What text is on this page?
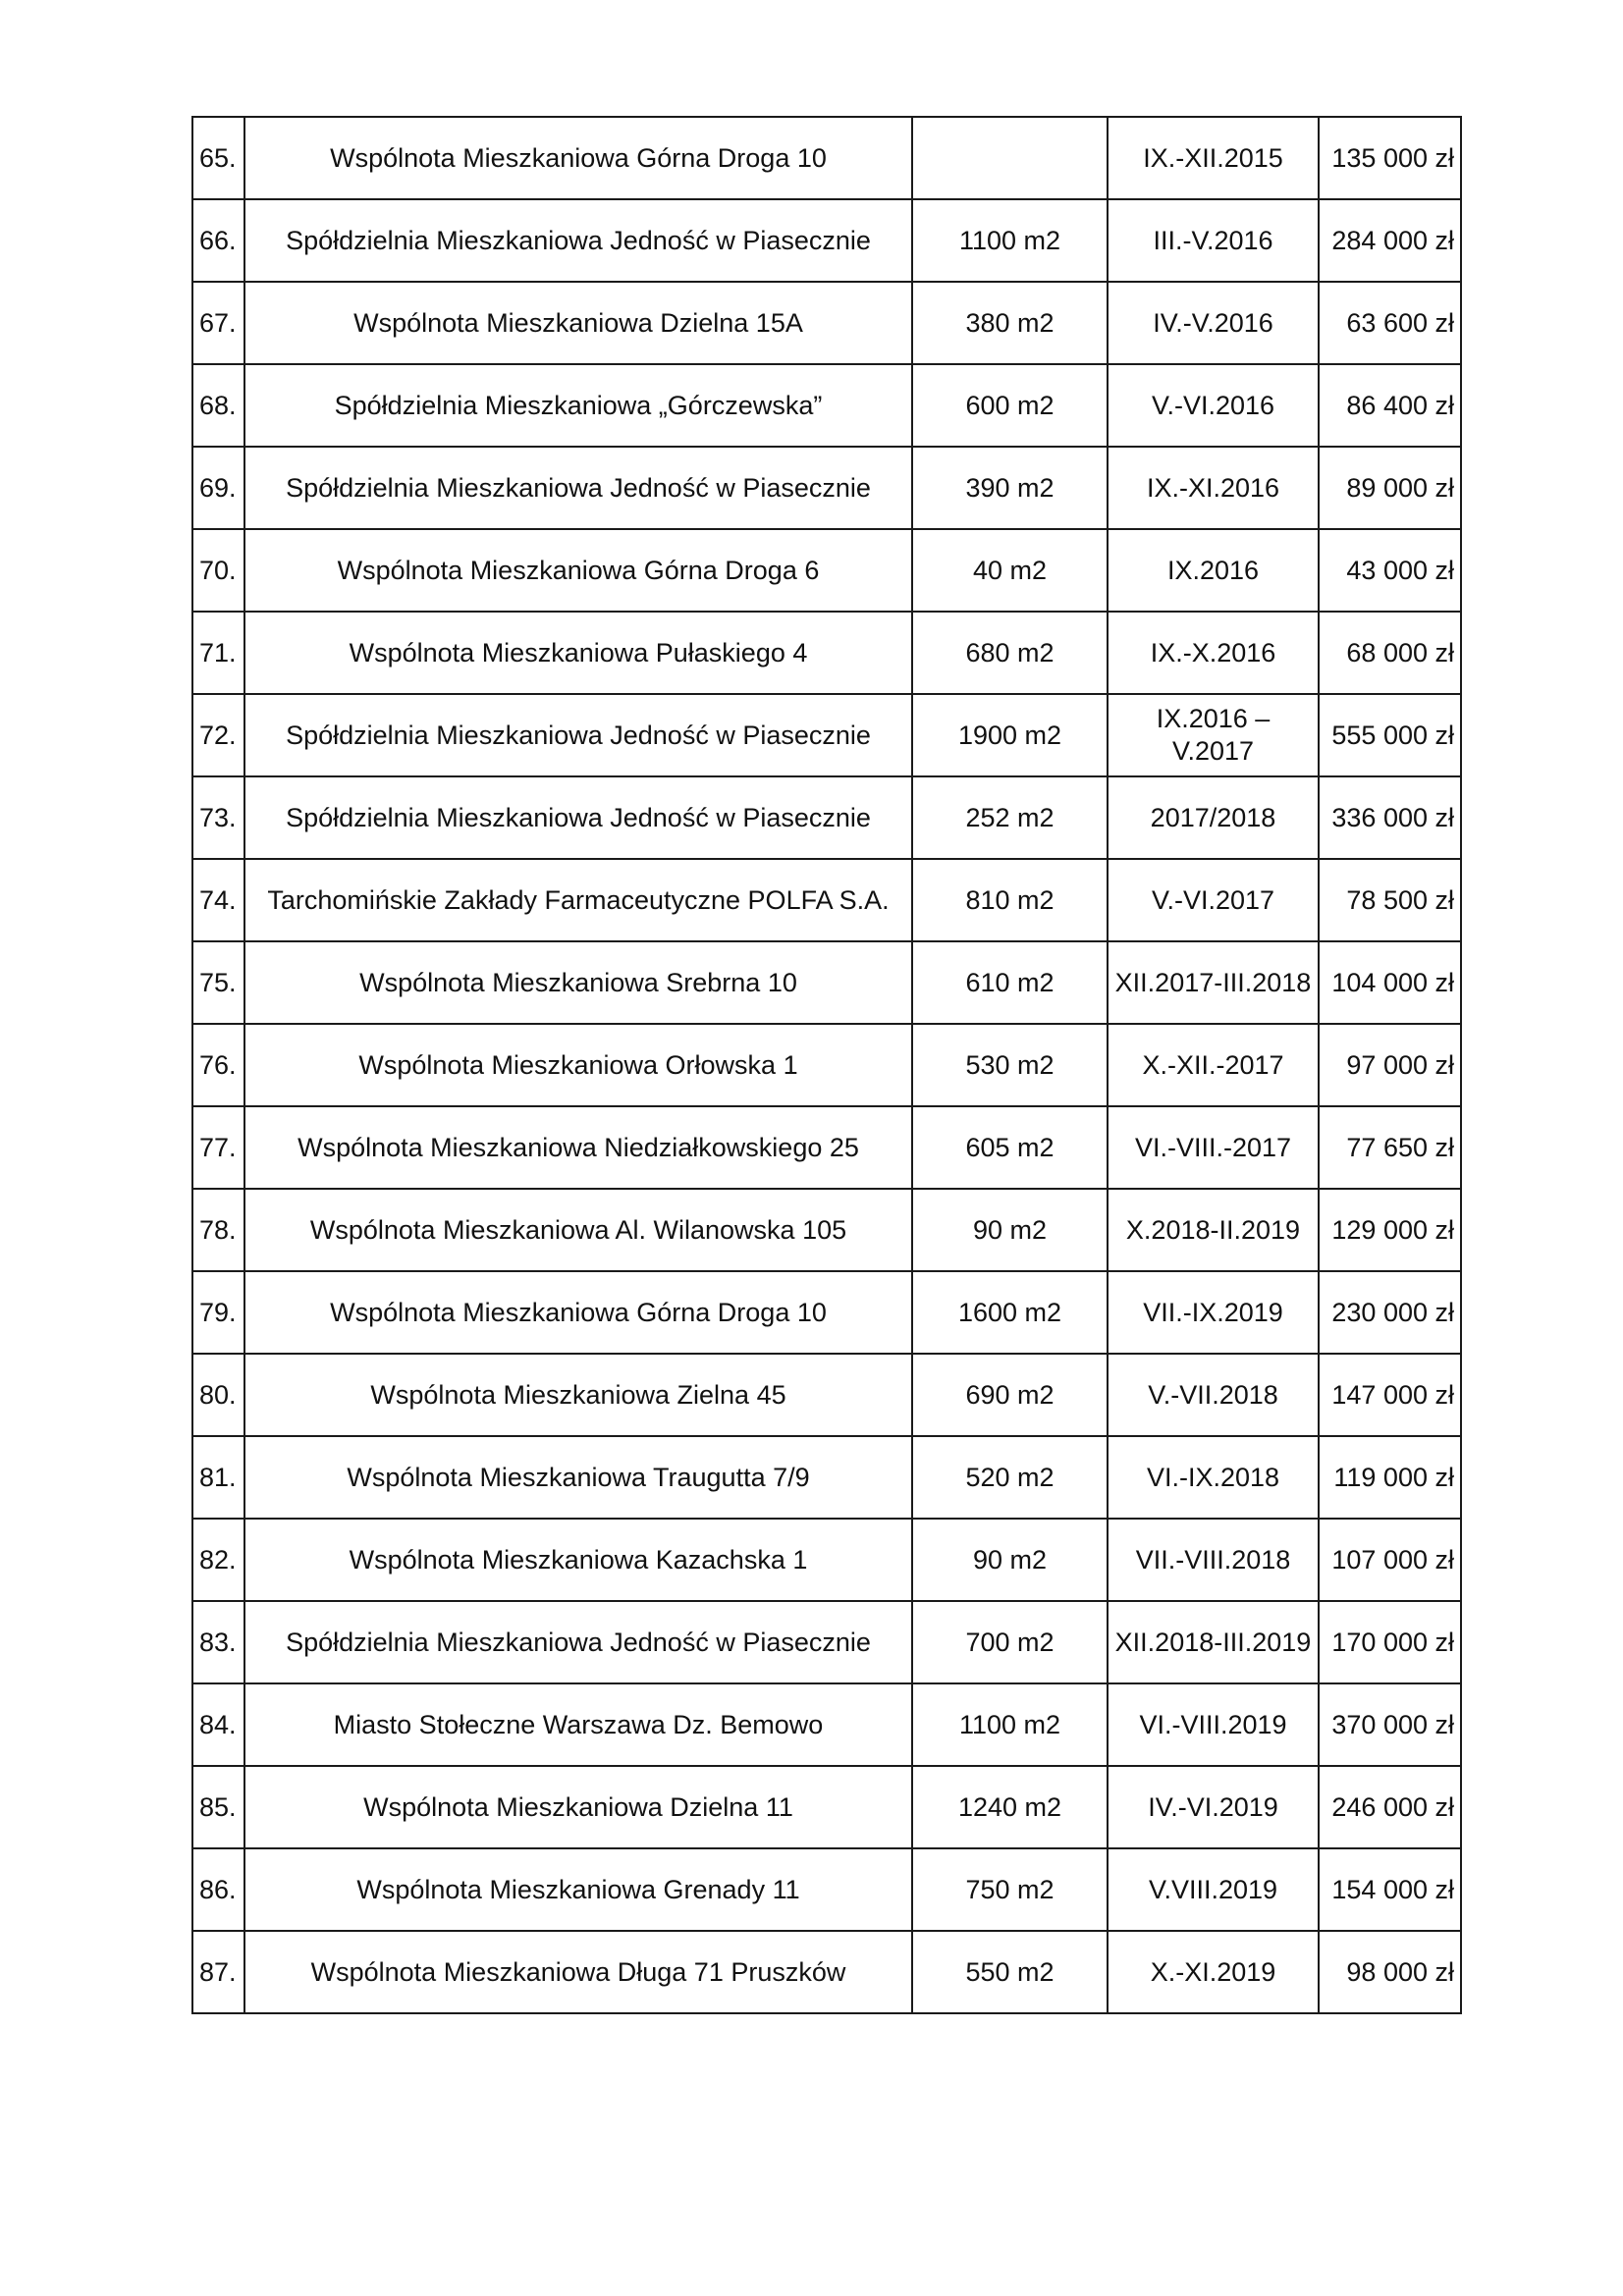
65.	Wspólnota Mieszkaniowa Górna Droga 10		IX.-XII.2015	135 000 zł
66.	Spółdzielnia Mieszkaniowa Jedność w Piasecznie	1100 m2	III.-V.2016	284 000 zł
67.	Wspólnota Mieszkaniowa Dzielna 15A	380 m2	IV.-V.2016	63 600 zł
68.	Spółdzielnia Mieszkaniowa „Górczewska”	600 m2	V.-VI.2016	86 400 zł
69.	Spółdzielnia Mieszkaniowa Jedność w Piasecznie	390 m2	IX.-XI.2016	89 000 zł
70.	Wspólnota Mieszkaniowa Górna Droga 6	40 m2	IX.2016	43 000 zł
71.	Wspólnota Mieszkaniowa Pułaskiego 4	680 m2	IX.-X.2016	68 000 zł
72.	Spółdzielnia Mieszkaniowa Jedność w Piasecznie	1900 m2	IX.2016 – V.2017	555 000 zł
73.	Spółdzielnia Mieszkaniowa Jedność w Piasecznie	252 m2	2017/2018	336 000 zł
74.	Tarchomińskie Zakłady Farmaceutyczne POLFA S.A.	810 m2	V.-VI.2017	78 500 zł
75.	Wspólnota Mieszkaniowa Srebrna 10	610 m2	XII.2017-III.2018	104 000 zł
76.	Wspólnota Mieszkaniowa Orłowska 1	530 m2	X.-XII.-2017	97 000 zł
77.	Wspólnota Mieszkaniowa Niedziałkowskiego 25	605 m2	VI.-VIII.-2017	77 650 zł
78.	Wspólnota Mieszkaniowa Al. Wilanowska 105	90 m2	X.2018-II.2019	129 000 zł
79.	Wspólnota Mieszkaniowa Górna Droga 10	1600 m2	VII.-IX.2019	230 000 zł
80.	Wspólnota Mieszkaniowa Zielna 45	690 m2	V.-VII.2018	147 000 zł
81.	Wspólnota Mieszkaniowa Traugutta 7/9	520 m2	VI.-IX.2018	119 000 zł
82.	Wspólnota Mieszkaniowa Kazachska 1	90 m2	VII.-VIII.2018	107 000 zł
83.	Spółdzielnia Mieszkaniowa Jedność w Piasecznie	700 m2	XII.2018-III.2019	170 000 zł
84.	Miasto Stołeczne Warszawa Dz. Bemowo	1100 m2	VI.-VIII.2019	370 000 zł
85.	Wspólnota Mieszkaniowa Dzielna 11	1240 m2	IV.-VI.2019	246 000 zł
86.	Wspólnota Mieszkaniowa Grenady 11	750 m2	V.VIII.2019	154 000 zł
87.	Wspólnota Mieszkaniowa Długa 71 Pruszków	550 m2	X.-XI.2019	98 000 zł
